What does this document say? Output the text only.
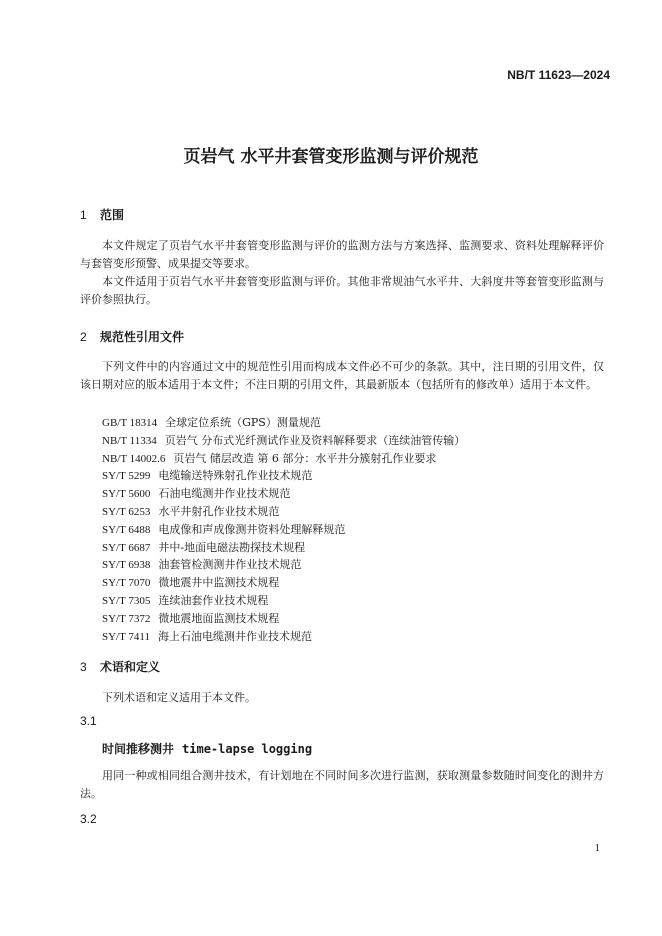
NB/T 11623—2024
页岩气 水平井套管变形监测与评价规范
1 范围
本文件规定了页岩气水平井套管变形监测与评价的监测方法与方案选择、监测要求、资料处理解释评价与套管变形预警、成果提交等要求。
本文件适用于页岩气水平井套管变形监测与评价。其他非常规油气水平井、大斜度井等套管变形监测与评价参照执行。
2 规范性引用文件
下列文件中的内容通过文中的规范性引用而构成本文件必不可少的条款。其中，注日期的引用文件，仅该日期对应的版本适用于本文件；不注日期的引用文件，其最新版本（包括所有的修改单）适用于本文件。
GB/T 18314 全球定位系统（GPS）测量规范
NB/T 11334 页岩气 分布式光纤测试作业及资料解释要求（连续油管传输）
NB/T 14002.6 页岩气 储层改造 第 6 部分：水平井分簇射孔作业要求
SY/T 5299 电缆输送特殊射孔作业技术规范
SY/T 5600 石油电缆测井作业技术规范
SY/T 6253 水平井射孔作业技术规范
SY/T 6488 电成像和声成像测井资料处理解释规范
SY/T 6687 井中-地面电磁法勘探技术规程
SY/T 6938 油套管检测测井作业技术规范
SY/T 7070 微地震井中监测技术规程
SY/T 7305 连续油套作业技术规程
SY/T 7372 微地震地面监测技术规程
SY/T 7411 海上石油电缆测井作业技术规范
3 术语和定义
下列术语和定义适用于本文件。
3.1
时间推移测井 time-lapse logging
用同一种或相同组合测井技术，有计划地在不同时间多次进行监测，获取测量参数随时间变化的测井方法。
3.2
1
